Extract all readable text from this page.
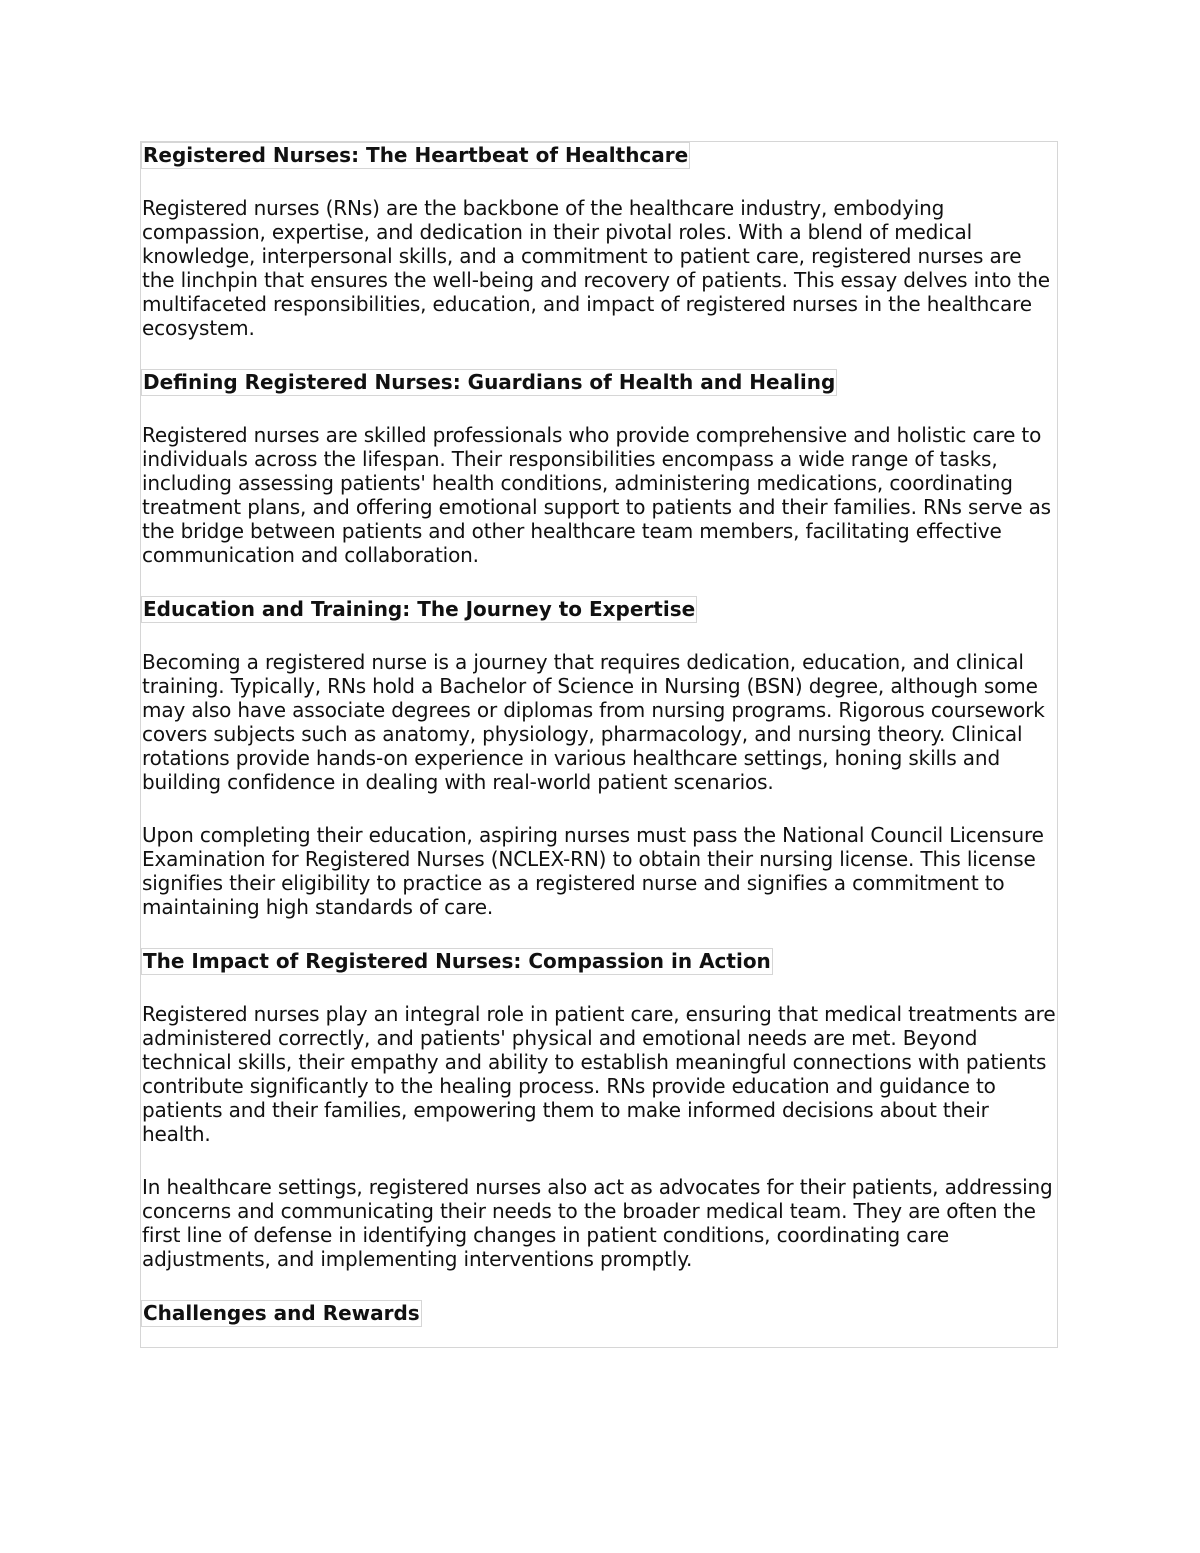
Registered Nurses: The Heartbeat of Healthcare

Registered nurses (RNs) are the backbone of the healthcare industry, embodying compassion, expertise, and dedication in their pivotal roles. With a blend of medical knowledge, interpersonal skills, and a commitment to patient care, registered nurses are the linchpin that ensures the well-being and recovery of patients. This essay delves into the multifaceted responsibilities, education, and impact of registered nurses in the healthcare ecosystem.

Defining Registered Nurses: Guardians of Health and Healing

Registered nurses are skilled professionals who provide comprehensive and holistic care to individuals across the lifespan. Their responsibilities encompass a wide range of tasks, including assessing patients' health conditions, administering medications, coordinating treatment plans, and offering emotional support to patients and their families. RNs serve as the bridge between patients and other healthcare team members, facilitating effective communication and collaboration.

Education and Training: The Journey to Expertise

Becoming a registered nurse is a journey that requires dedication, education, and clinical training. Typically, RNs hold a Bachelor of Science in Nursing (BSN) degree, although some may also have associate degrees or diplomas from nursing programs. Rigorous coursework covers subjects such as anatomy, physiology, pharmacology, and nursing theory. Clinical rotations provide hands-on experience in various healthcare settings, honing skills and building confidence in dealing with real-world patient scenarios.

Upon completing their education, aspiring nurses must pass the National Council Licensure Examination for Registered Nurses (NCLEX-RN) to obtain their nursing license. This license signifies their eligibility to practice as a registered nurse and signifies a commitment to maintaining high standards of care.

The Impact of Registered Nurses: Compassion in Action

Registered nurses play an integral role in patient care, ensuring that medical treatments are administered correctly, and patients' physical and emotional needs are met. Beyond technical skills, their empathy and ability to establish meaningful connections with patients contribute significantly to the healing process. RNs provide education and guidance to patients and their families, empowering them to make informed decisions about their health.

In healthcare settings, registered nurses also act as advocates for their patients, addressing concerns and communicating their needs to the broader medical team. They are often the first line of defense in identifying changes in patient conditions, coordinating care adjustments, and implementing interventions promptly.

Challenges and Rewards
